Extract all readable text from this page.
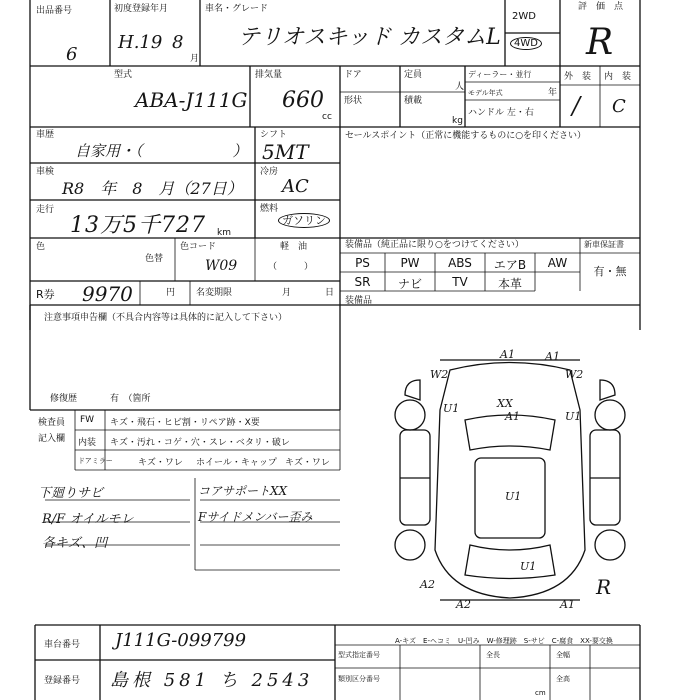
出品番号
6
初度登録年月
H.19 8
月
車名・グレード
テリオスキッド カスタムL
2WD
4WD
評　価　点
R
型式
ABA-J111G
排気量
660
cc
ドア
形状
定員
人
積載
kg
ディーラー・並行
モデル年式	年
ハンドル 左・右
外　装 内　装
/ C
車歴
自家用・（　　　　　　）
シフト
5MT
セールスポイント（正常に機能するものに○を印ください）
車検
R8　年　8　月（27日）
冷房
AC
走行
13万5千727 km
燃料
ガソリン
色
色替
色コード
W09
軽　油
（　　　）
R券 9970	円 名変期限	月	日
装備品（純正品に限り○をつけてください）	新車保証書
PS	PW	ABS	エアB	AW
SR	ナビ	TV	本革
有・無
装備品
注意事項申告欄（不具合内容等は具体的に記入して下さい）
修復歴	有　（箇所
検査員
記入欄
FW キズ・飛石・ヒビ割・リペア跡・X要
内装 キズ・汚れ・コゲ・穴・スレ・ベタリ・破レ
ドアミラー	キズ・ワレ ホイール・キャップ キズ・ワレ
下廻りサビ
R/F オイルモレ
各キズ、凹
コアサポートXX
Fサイドメンバー歪み
A1	A1
W2	W2
U1	XX
A1	U1
U1
U1
A2
A2	A1
R
A-キズ　E-ヘコミ　U-凹み　W-修理跡　S-サビ　C-腐食　XX-要交換
車台番号 J111G-099799
登録番号 島根 581 ち 2543
型式指定番号
類別区分番号
全長	全幅
全高
cm
